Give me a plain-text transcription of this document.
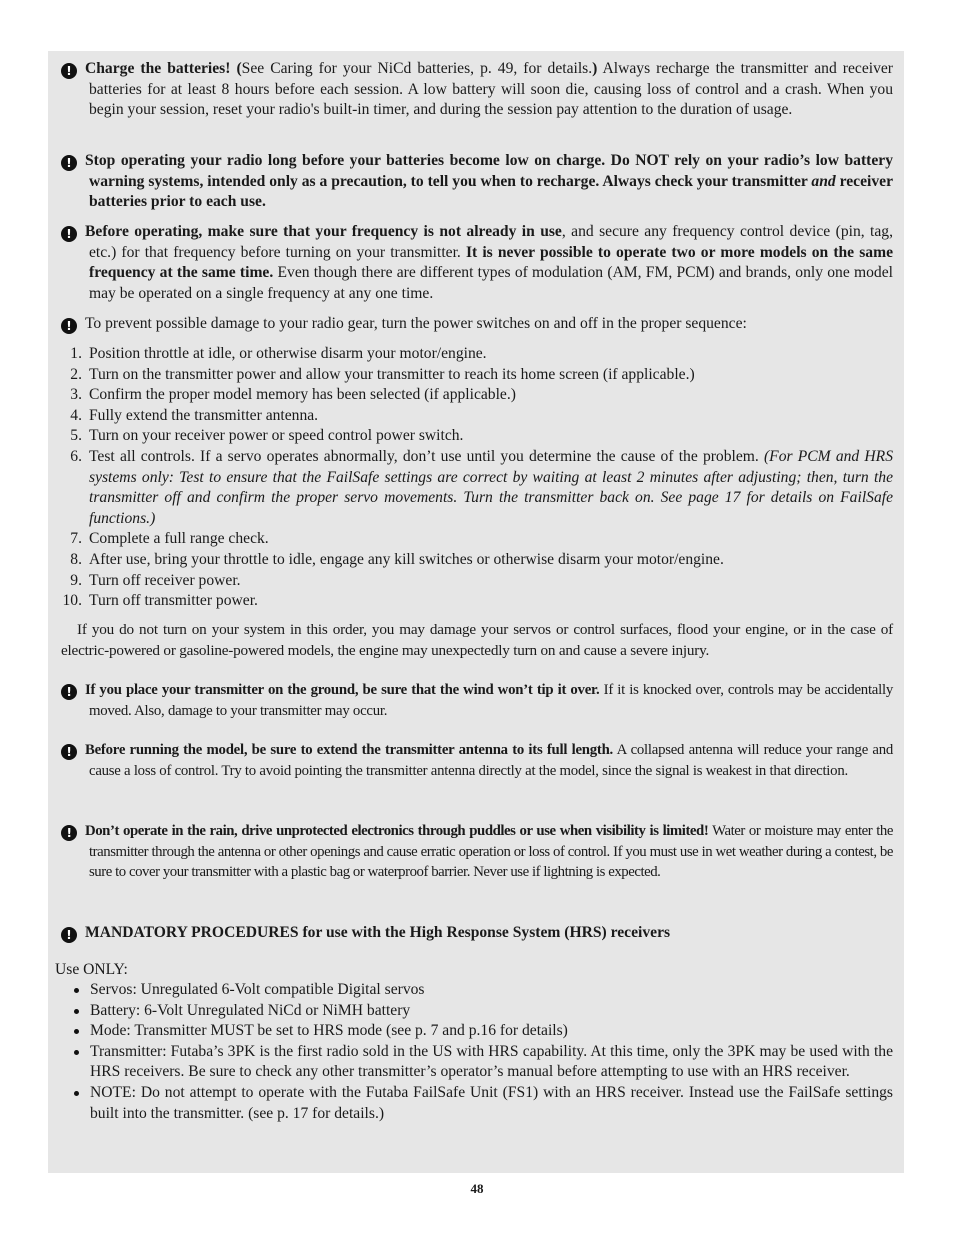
! Charge the batteries! (See Caring for your NiCd batteries, p. 49, for details.) Always recharge the transmitter and receiver batteries for at least 8 hours before each session. A low battery will soon die, causing loss of control and a crash. When you begin your session, reset your radio's built-in timer, and during the session pay attention to the duration of usage.
! Stop operating your radio long before your batteries become low on charge. Do NOT rely on your radio’s low battery warning systems, intended only as a precaution, to tell you when to recharge. Always check your transmitter and receiver batteries prior to each use.
! Before operating, make sure that your frequency is not already in use, and secure any frequency control device (pin, tag, etc.) for that frequency before turning on your transmitter. It is never possible to operate two or more models on the same frequency at the same time. Even though there are different types of modulation (AM, FM, PCM) and brands, only one model may be operated on a single frequency at any one time.
! To prevent possible damage to your radio gear, turn the power switches on and off in the proper sequence:
1. Position throttle at idle, or otherwise disarm your motor/engine.
2. Turn on the transmitter power and allow your transmitter to reach its home screen (if applicable.)
3. Confirm the proper model memory has been selected (if applicable.)
4. Fully extend the transmitter antenna.
5. Turn on your receiver power or speed control power switch.
6. Test all controls. If a servo operates abnormally, don’t use until you determine the cause of the problem. (For PCM and HRS systems only: Test to ensure that the FailSafe settings are correct by waiting at least 2 minutes after adjusting; then, turn the transmitter off and confirm the proper servo movements. Turn the transmitter back on. See page 17 for details on FailSafe functions.)
7. Complete a full range check.
8. After use, bring your throttle to idle, engage any kill switches or otherwise disarm your motor/engine.
9. Turn off receiver power.
10. Turn off transmitter power.
If you do not turn on your system in this order, you may damage your servos or control surfaces, flood your engine, or in the case of electric-powered or gasoline-powered models, the engine may unexpectedly turn on and cause a severe injury.
! If you place your transmitter on the ground, be sure that the wind won’t tip it over. If it is knocked over, controls may be accidentally moved. Also, damage to your transmitter may occur.
! Before running the model, be sure to extend the transmitter antenna to its full length. A collapsed antenna will reduce your range and cause a loss of control. Try to avoid pointing the transmitter antenna directly at the model, since the signal is weakest in that direction.
! Don’t operate in the rain, drive unprotected electronics through puddles or use when visibility is limited! Water or moisture may enter the transmitter through the antenna or other openings and cause erratic operation or loss of control. If you must use in wet weather during a contest, be sure to cover your transmitter with a plastic bag or waterproof barrier. Never use if lightning is expected.
! MANDATORY PROCEDURES for use with the High Response System (HRS) receivers
Use ONLY:
Servos: Unregulated 6-Volt compatible Digital servos
Battery: 6-Volt Unregulated NiCd or NiMH battery
Mode: Transmitter MUST be set to HRS mode (see p. 7 and p.16 for details)
Transmitter: Futaba’s 3PK is the first radio sold in the US with HRS capability. At this time, only the 3PK may be used with the HRS receivers. Be sure to check any other transmitter’s operator’s manual before attempting to use with an HRS receiver.
NOTE: Do not attempt to operate with the Futaba FailSafe Unit (FS1) with an HRS receiver. Instead use the FailSafe settings built into the transmitter. (see p. 17 for details.)
48
